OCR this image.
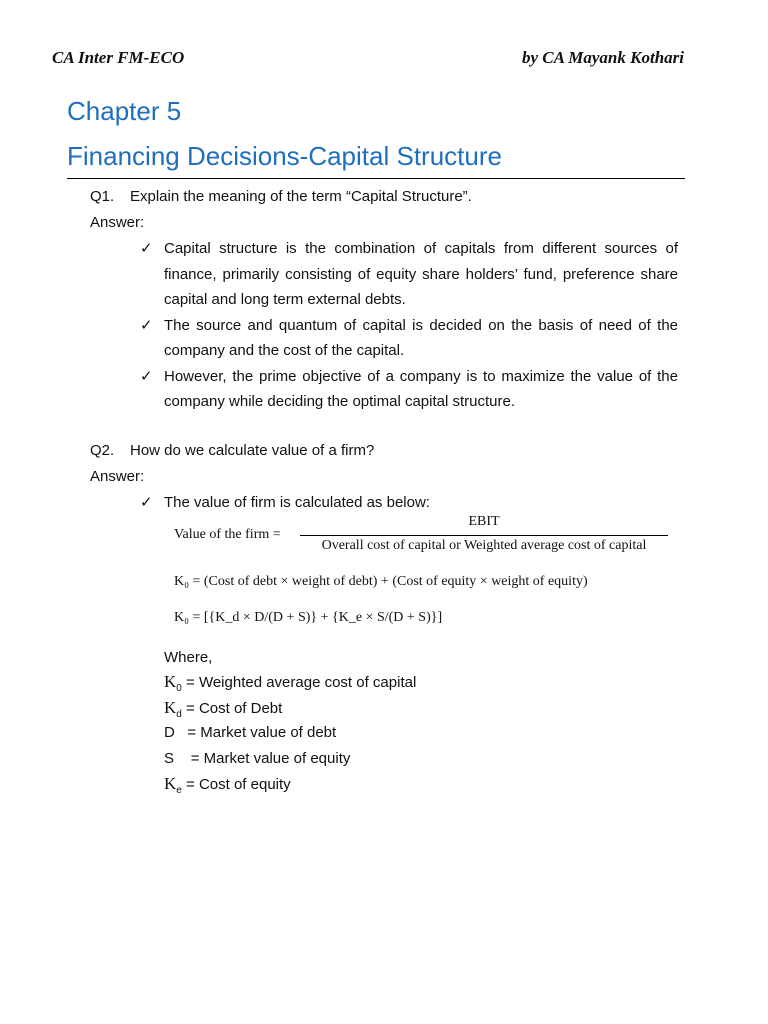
CA Inter FM-ECO	by CA Mayank Kothari
Chapter 5
Financing Decisions-Capital Structure
Q1. Explain the meaning of the term “Capital Structure”.
Answer:
✓ Capital structure is the combination of capitals from different sources of finance, primarily consisting of equity share holders’ fund, preference share capital and long term external debts.
✓ The source and quantum of capital is decided on the basis of need of the company and the cost of the capital.
✓ However, the prime objective of a company is to maximize the value of the company while deciding the optimal capital structure.
Q2. How do we calculate value of a firm?
Answer:
✓ The value of firm is calculated as below:
Value of the firm =
EBIT
Overall cost of capital or Weighted average cost of capital
K₀ = (Cost of debt × weight of debt) + (Cost of equity × weight of equity)
K₀ = [{K_d × D/(D + S)} + {K_e × S/(D + S)}]
Where,
$K_0$ = Weighted average cost of capital
$K_d$ = Cost of Debt
D = Market value of debt
S = Market value of equity
$K_e$ = Cost of equity
